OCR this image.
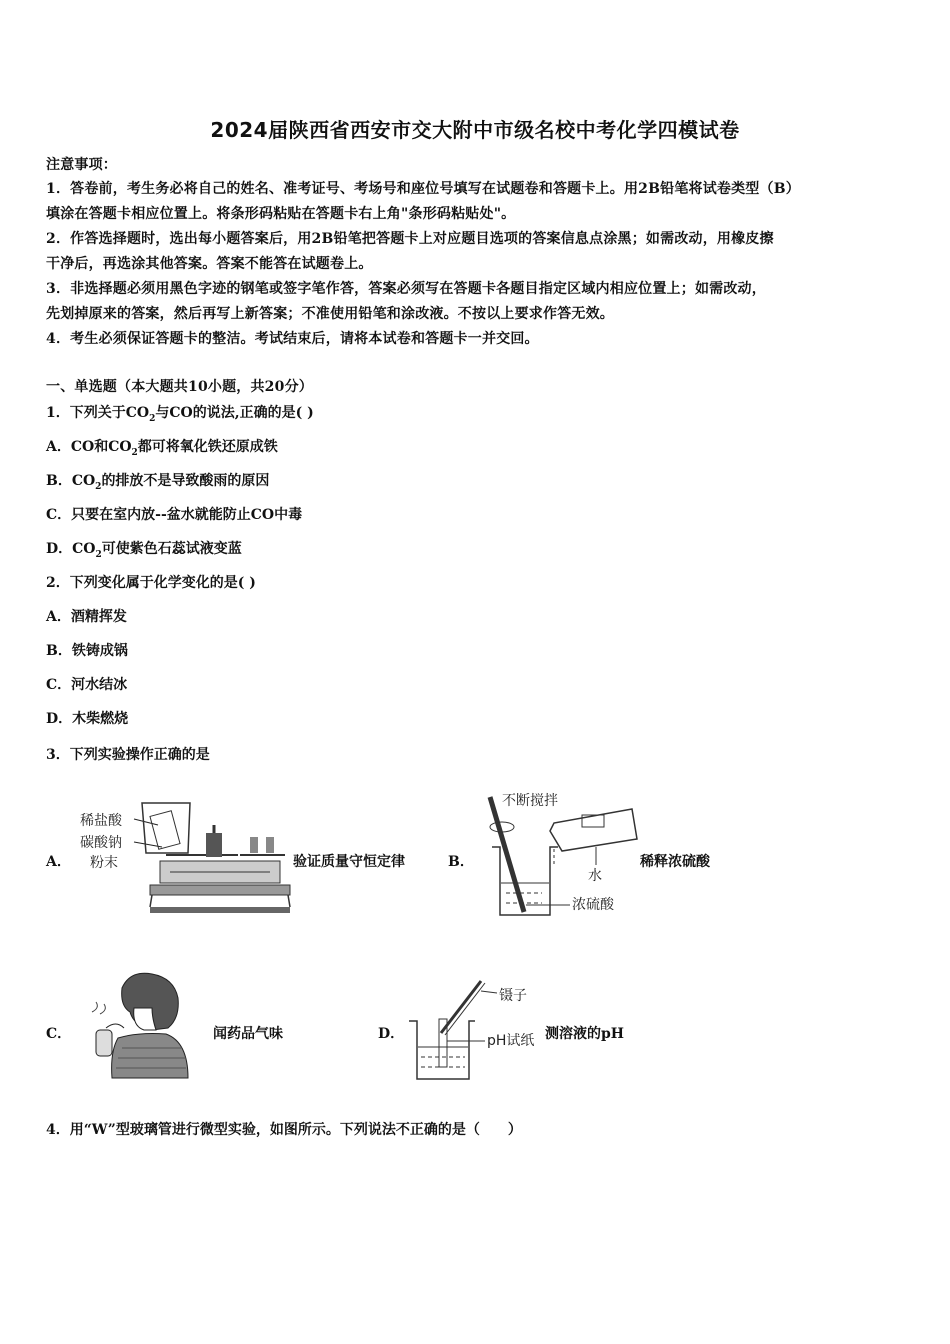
2024届陕西省西安市交大附中市级名校中考化学四模试卷
注意事项：
1．答卷前，考生务必将自己的姓名、准考证号、考场号和座位号填写在试题卷和答题卡上。用2B铅笔将试卷类型（B）
填涂在答题卡相应位置上。将条形码粘贴在答题卡右上角"条形码粘贴处"。
2．作答选择题时，选出每小题答案后，用2B铅笔把答题卡上对应题目选项的答案信息点涂黑；如需改动，用橡皮擦
干净后，再选涂其他答案。答案不能答在试题卷上。
3．非选择题必须用黑色字迹的钢笔或签字笔作答，答案必须写在答题卡各题目指定区域内相应位置上；如需改动，
先划掉原来的答案，然后再写上新答案；不准使用铅笔和涂改液。不按以上要求作答无效。
4．考生必须保证答题卡的整洁。考试结束后，请将本试卷和答题卡一并交回。
一、单选题（本大题共10小题，共20分）
1．下列关于$CO_2$与CO的说法,正确的是( )
A．CO和$CO_2$都可将氧化铁还原成铁
B．$CO_2$的排放不是导致酸雨的原因
C．只要在室内放--盆水就能防止CO中毒
D．$CO_2$可使紫色石蕊试液变蓝
2．下列变化属于化学变化的是( )
A．酒精挥发
B．铁铸成锅
C．河水结冰
D．木柴燃烧
3．下列实验操作正确的是
A．
稀盐酸
碳酸钠
粉末	验证质量守恒定律	B．
不断搅拌
水
浓硫酸
稀释浓硫酸
C．	闻药品气味	D．
镊子
pH试纸 测溶液的pH
4．用“W”型玻璃管进行微型实验，如图所示。下列说法不正确的是（　　）
